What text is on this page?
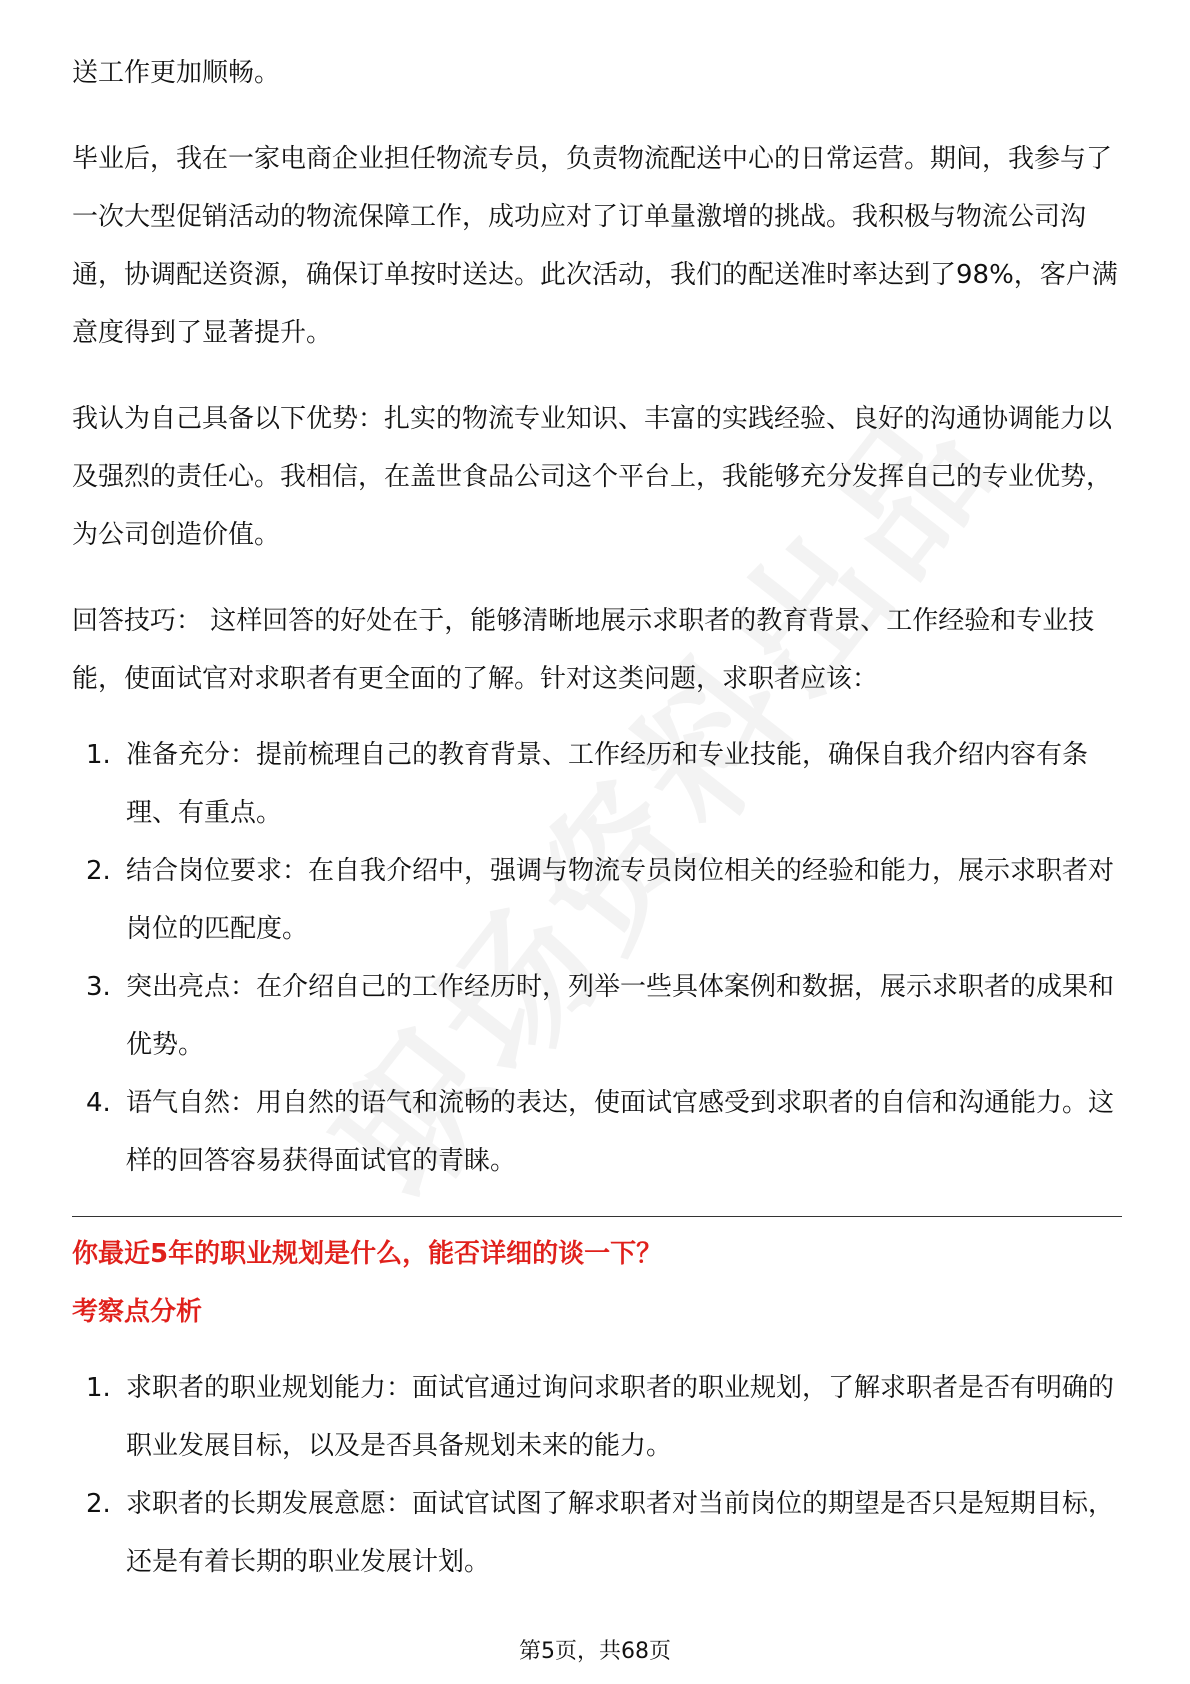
送工作更加顺畅。

毕业后，我在一家电商企业担任物流专员，负责物流配送中心的日常运营。期间，我参与了一次大型促销活动的物流保障工作，成功应对了订单量激增的挑战。我积极与物流公司沟通，协调配送资源，确保订单按时送达。此次活动，我们的配送准时率达到了98%，客户满意度得到了显著提升。

我认为自己具备以下优势：扎实的物流专业知识、丰富的实践经验、良好的沟通协调能力以及强烈的责任心。我相信，在盖世食品公司这个平台上，我能够充分发挥自己的专业优势，为公司创造价值。

回答技巧： 这样回答的好处在于，能够清晰地展示求职者的教育背景、工作经验和专业技能，使面试官对求职者有更全面的了解。针对这类问题，求职者应该：

1. 准备充分：提前梳理自己的教育背景、工作经历和专业技能，确保自我介绍内容有条理、有重点。
2. 结合岗位要求：在自我介绍中，强调与物流专员岗位相关的经验和能力，展示求职者对岗位的匹配度。
3. 突出亮点：在介绍自己的工作经历时，列举一些具体案例和数据，展示求职者的成果和优势。
4. 语气自然：用自然的语气和流畅的表达，使面试官感受到求职者的自信和沟通能力。这样的回答容易获得面试官的青睐。

你最近5年的职业规划是什么，能否详细的谈一下？

考察点分析

1. 求职者的职业规划能力：面试官通过询问求职者的职业规划，了解求职者是否有明确的职业发展目标，以及是否具备规划未来的能力。
2. 求职者的长期发展意愿：面试官试图了解求职者对当前岗位的期望是否只是短期目标，还是有着长期的职业发展计划。
第5页，共68页
